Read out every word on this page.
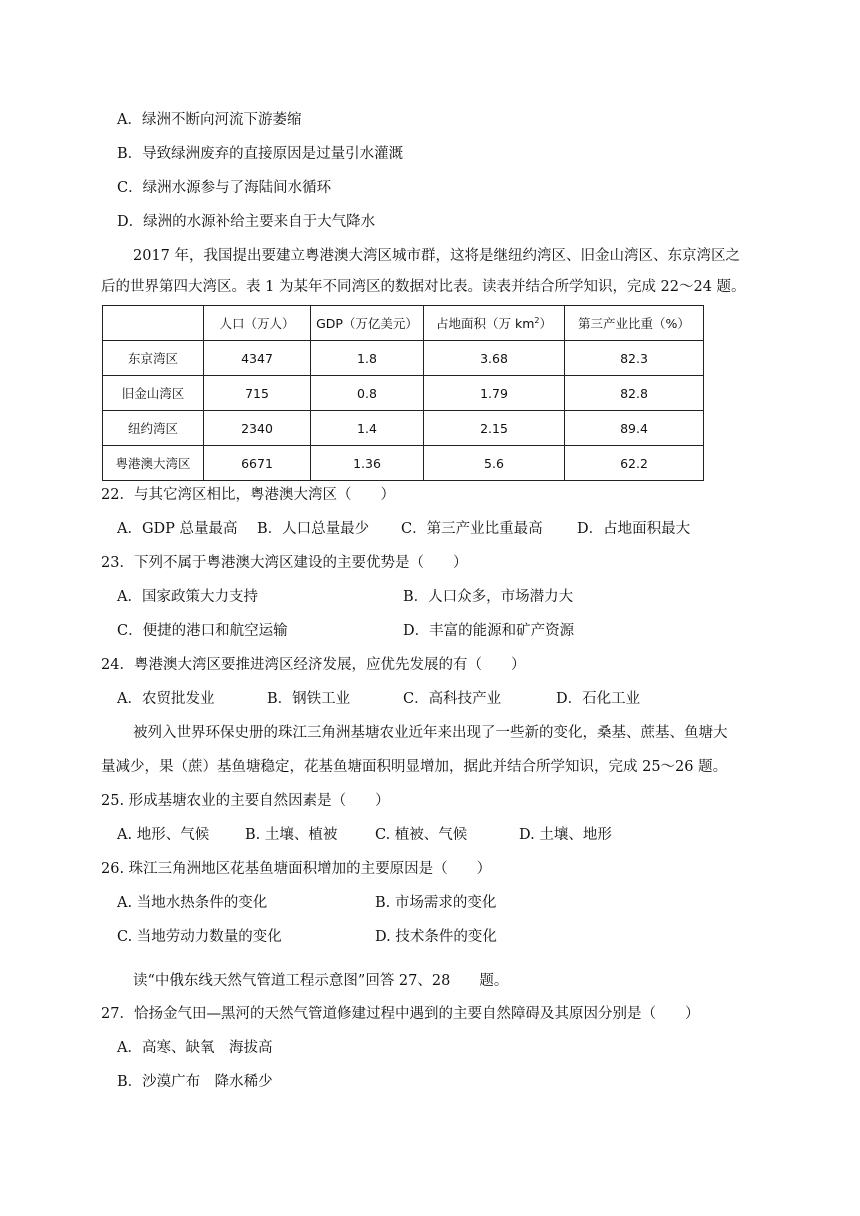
A．绿洲不断向河流下游萎缩
B．导致绿洲废弃的直接原因是过量引水灌溉
C．绿洲水源参与了海陆间水循环
D．绿洲的水源补给主要来自于大气降水
2017 年，我国提出要建立粤港澳大湾区城市群，这将是继纽约湾区、旧金山湾区、东京湾区之
后的世界第四大湾区。表 1 为某年不同湾区的数据对比表。读表并结合所学知识，完成 22～24 题。
	人口（万人）	GDP（万亿美元）	占地面积（万 $km^2$）	第三产业比重（%）
东京湾区	4347	1.8	3.68	82.3
旧金山湾区	715	0.8	1.79	82.8
纽约湾区	2340	1.4	2.15	89.4
粤港澳大湾区	6671	1.36	5.6	62.2
22．与其它湾区相比，粤港澳大湾区（　　）
A．GDP 总量最高 B．人口总量最少 C．第三产业比重最高 D．占地面积最大
23．下列不属于粤港澳大湾区建设的主要优势是（　　）
A．国家政策大力支持	B．人口众多，市场潜力大
C．便捷的港口和航空运输	D．丰富的能源和矿产资源
24．粤港澳大湾区要推进湾区经济发展，应优先发展的有（　　）
A．农贸批发业	B．钢铁工业	C．高科技产业	D．石化工业
被列入世界环保史册的珠江三角洲基塘农业近年来出现了一些新的变化，桑基、蔗基、鱼塘大
量减少，果（蔗）基鱼塘稳定，花基鱼塘面积明显增加，据此并结合所学知识，完成 25～26 题。
25. 形成基塘农业的主要自然因素是（　　）
A. 地形、气候 B. 土壤、植被	C. 植被、气候	D. 土壤、地形
26. 珠江三角洲地区花基鱼塘面积增加的主要原因是（　　）
A. 当地水热条件的变化	B. 市场需求的变化
C. 当地劳动力数量的变化	D. 技术条件的变化
读“中俄东线天然气管道工程示意图”回答 27、28　　题。
27．恰扬金气田—黑河的天然气管道修建过程中遇到的主要自然障碍及其原因分别是（　　）
A．高寒、缺氧　海拔高
B．沙漠广布　降水稀少
